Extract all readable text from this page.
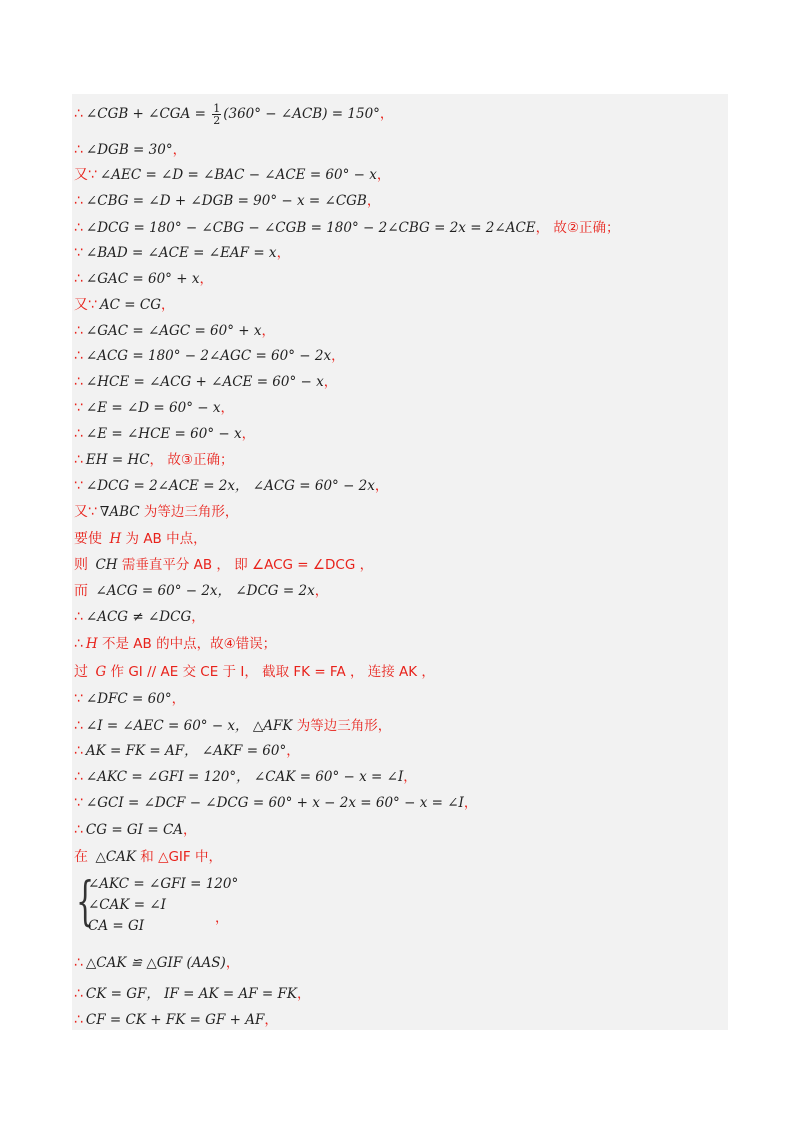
∴ ∠CGB + ∠CGA = $\frac{1}{2} (360^\circ$ − ∠ACB) = 150°，
∴ ∠DGB = 30°，
又∵ ∠AEC = ∠D = ∠BAC − ∠ACE = 60° − x，
∴ ∠CBG = ∠D + ∠DGB = 90° − x = ∠CGB，
∴ ∠DCG = 180° − ∠CBG − ∠CGB = 180° − 2∠CBG = 2x = 2∠ACE， 故②正确；
∵ ∠BAD = ∠ACE = ∠EAF = x，
∴ ∠GAC = 60° + x，
又∵ AC = CG，
∴ ∠GAC = ∠AGC = 60° + x，
∴ ∠ACG = 180° − 2∠AGC = 60° − 2x，
∴ ∠HCE = ∠ACG + ∠ACE = 60° − x，
∵ ∠E = ∠D = 60° − x，
∴ ∠E = ∠HCE = 60° − x，
∴ EH = HC， 故③正确；
∵ ∠DCG = 2∠ACE = 2x， ∠ACG = 60° − 2x，
又∵ ∇ABC 为等边三角形，
要使 H 为 AB 中点，
则 CH 需垂直平分 AB ， 即 ∠ACG = ∠DCG ，
而 ∠ACG = 60° − 2x， ∠DCG = 2x，
∴ ∠ACG ≠ ∠DCG，
∴ H 不是 AB 的中点，故④错误；
过 G 作 GI // AE 交 CE 于 I， 截取 FK = FA ， 连接 AK ，
∵ ∠DFC = 60°，
∴ ∠I = ∠AEC = 60° − x， △AFK 为等边三角形，
∴ AK = FK = AF， ∠AKF = 60°，
∴ ∠AKC = ∠GFI = 120°， ∠CAK = 60° − x = ∠I，
∵ ∠GCI = ∠DCF − ∠DCG = 60° + x − 2x = 60° − x = ∠I，
∴ CG = GI = CA，
在 △CAK 和 △GIF 中，
∴ △CAK ≌ △GIF (AAS)，
∴ CK = GF， IF = AK = AF = FK，
∴ CF = CK + FK = GF + AF，
{
∠AKC = ∠GFI = 120°
∠CAK = ∠I
CA = GI	，
